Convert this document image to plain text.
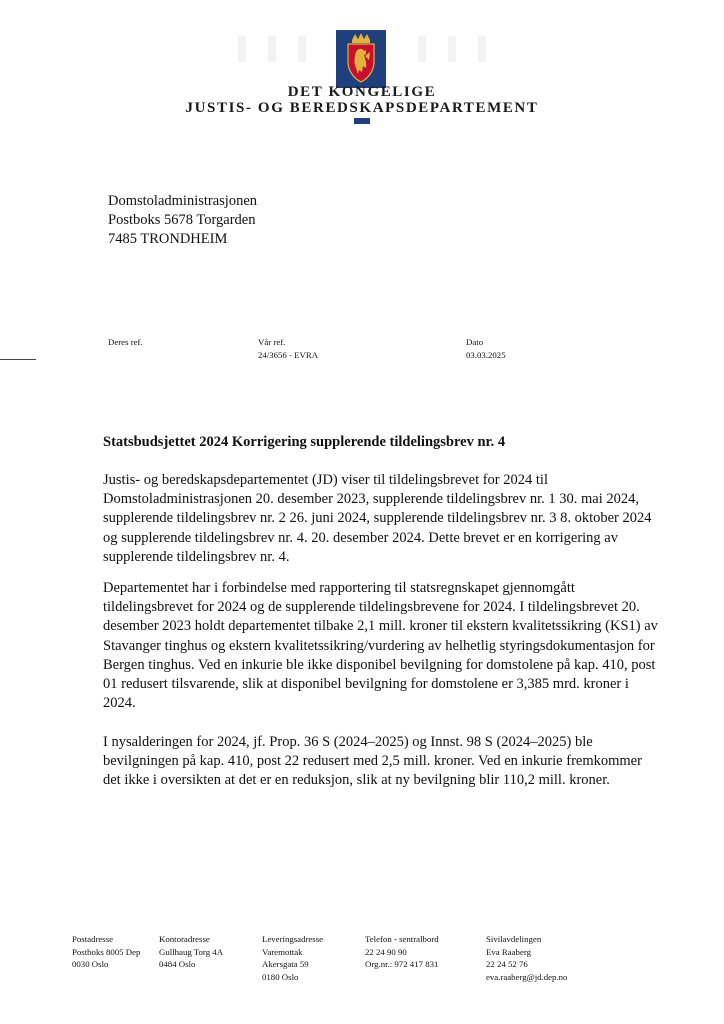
DET KONGELIGE
JUSTIS- OG BEREDSKAPSDEPARTEMENT
Domstoladministrasjonen
Postboks 5678 Torgarden
7485 TRONDHEIM
Deres ref.	Vår ref.
24/3656 - EVRA
Dato
03.03.2025
Statsbudsjettet 2024 Korrigering supplerende tildelingsbrev nr. 4
Justis- og beredskapsdepartementet (JD) viser til tildelingsbrevet for 2024 til Domstoladministrasjonen 20. desember 2023, supplerende tildelingsbrev nr. 1 30. mai 2024, supplerende tildelingsbrev nr. 2 26. juni 2024, supplerende tildelingsbrev nr. 3 8. oktober 2024 og supplerende tildelingsbrev nr. 4. 20. desember 2024. Dette brevet er en korrigering av supplerende tildelingsbrev nr. 4.
Departementet har i forbindelse med rapportering til statsregnskapet gjennomgått tildelingsbrevet for 2024 og de supplerende tildelingsbrevene for 2024. I tildelingsbrevet 20. desember 2023 holdt departementet tilbake 2,1 mill. kroner til ekstern kvalitetssikring (KS1) av Stavanger tinghus og ekstern kvalitetssikring/vurdering av helhetlig styringsdokumentasjon for Bergen tinghus. Ved en inkurie ble ikke disponibel bevilgning for domstolene på kap. 410, post 01 redusert tilsvarende, slik at disponibel bevilgning for domstolene er 3,385 mrd. kroner i 2024.
I nysalderingen for 2024, jf. Prop. 36 S (2024–2025) og Innst. 98 S (2024–2025) ble bevilgningen på kap. 410, post 22 redusert med 2,5 mill. kroner. Ved en inkurie fremkommer det ikke i oversikten at det er en reduksjon, slik at ny bevilgning blir 110,2 mill. kroner.
Postadresse
Postboks 8005 Dep
0030 Oslo
Kontoradresse
Gullhaug Torg 4A
0484 Oslo
Leveringsadresse
Varemottak
Akersgata 59
0180 Oslo
Telefon - sentralbord
22 24 90 90
Org.nr.: 972 417 831
Sivilavdelingen
Eva Raaberg
22 24 52 76
eva.raaberg@jd.dep.no
